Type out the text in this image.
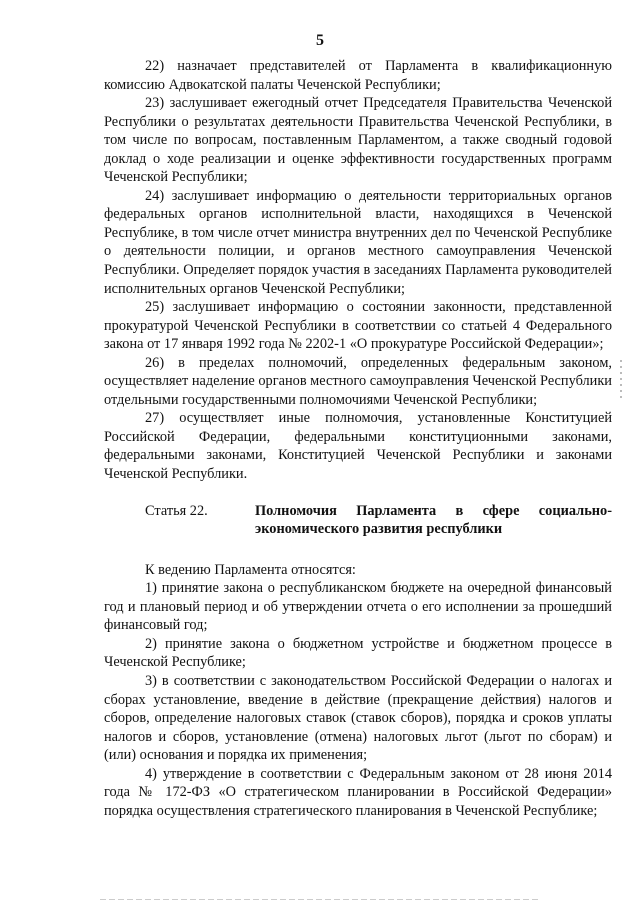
5

22) назначает представителей от Парламента в квалификационную комиссию Адвокатской палаты Чеченской Республики;

23) заслушивает ежегодный отчет Председателя Правительства Чеченской Республики о результатах деятельности Правительства Чеченской Республики, в том числе по вопросам, поставленным Парламентом, а также сводный годовой доклад о ходе реализации и оценке эффективности государственных программ Чеченской Республики;

24) заслушивает информацию о деятельности территориальных органов федеральных органов исполнительной власти, находящихся в Чеченской Республике, в том числе отчет министра внутренних дел по Чеченской Республике о деятельности полиции, и органов местного самоуправления Чеченской Республики. Определяет порядок участия в заседаниях Парламента руководителей исполнительных органов Чеченской Республики;

25) заслушивает информацию о состоянии законности, представленной прокуратурой Чеченской Республики в соответствии со статьей 4 Федерального закона от 17 января 1992 года № 2202-1 «О прокуратуре Российской Федерации»;

26) в пределах полномочий, определенных федеральным законом, осуществляет наделение органов местного самоуправления Чеченской Республики отдельными государственными полномочиями Чеченской Республики;

27) осуществляет иные полномочия, установленные Конституцией Российской Федерации, федеральными конституционными законами, федеральными законами, Конституцией Чеченской Республики и законами Чеченской Республики.

Статья 22.	Полномочия Парламента в сфере социально-экономического развития республики

К ведению Парламента относятся:

1) принятие закона о республиканском бюджете на очередной финансовый год и плановый период и об утверждении отчета о его исполнении за прошедший финансовый год;

2) принятие закона о бюджетном устройстве и бюджетном процессе в Чеченской Республике;

3) в соответствии с законодательством Российской Федерации о налогах и сборах установление, введение в действие (прекращение действия) налогов и сборов, определение налоговых ставок (ставок сборов), порядка и сроков уплаты налогов и сборов, установление (отмена) налоговых льгот (льгот по сборам) и (или) основания и порядка их применения;

4) утверждение в соответствии с Федеральным законом от 28 июня 2014 года № 172-ФЗ «О стратегическом планировании в Российской Федерации» порядка осуществления стратегического планирования в Чеченской Республике;
